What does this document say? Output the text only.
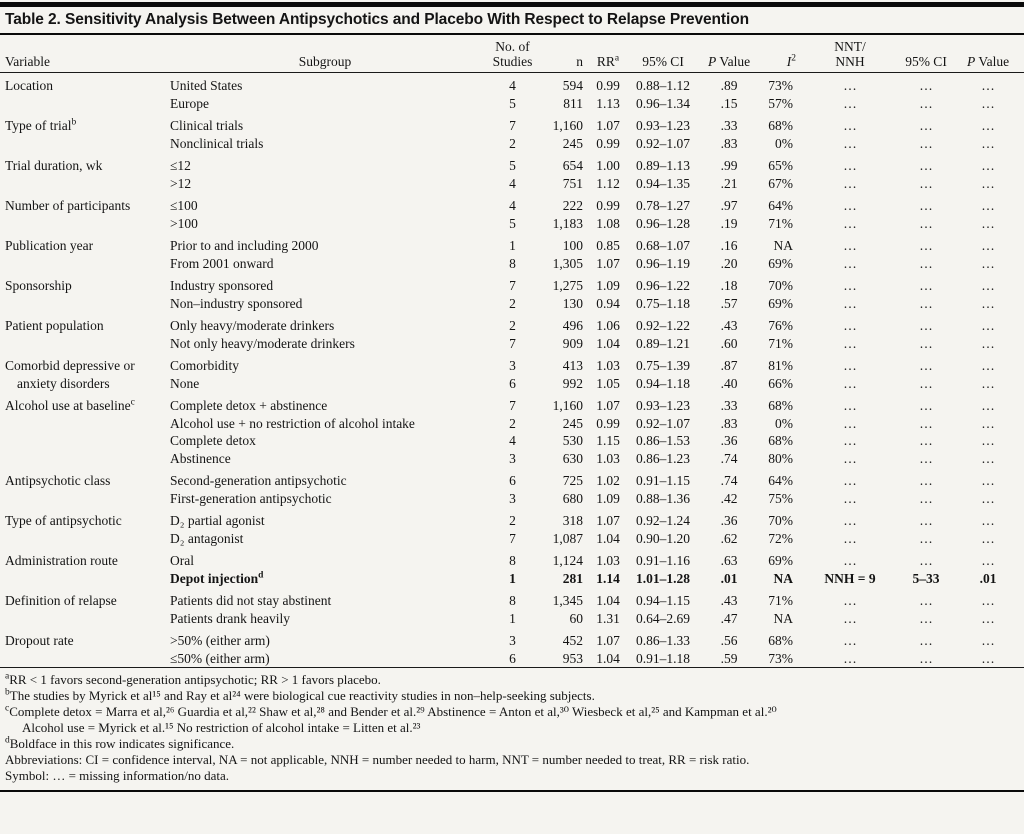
Table 2. Sensitivity Analysis Between Antipsychotics and Placebo With Respect to Relapse Prevention
Variable	Subgroup	
No. of
Studies	n	$RR^a$	95% CI	P Value	$I^2$	
NNT/
NNH	95% CI	P Value
Location	United States	4	594	0.99	0.88–1.12	.89	73%	…	…	…
	Europe	5	811	1.13	0.96–1.34	.15	57%	…	…	…
Type of trial$^b$	Clinical trials	7	1,160	1.07	0.93–1.23	.33	68%	…	…	…
	Nonclinical trials	2	245	0.99	0.92–1.07	.83	0%	…	…	…
Trial duration, wk	≤12	5	654	1.00	0.89–1.13	.99	65%	…	…	…
	>12	4	751	1.12	0.94–1.35	.21	67%	…	…	…
Number of participants	≤100	4	222	0.99	0.78–1.27	.97	64%	…	…	…
	>100	5	1,183	1.08	0.96–1.28	.19	71%	…	…	…
Publication year	Prior to and including 2000	1	100	0.85	0.68–1.07	.16	NA	…	…	…
	From 2001 onward	8	1,305	1.07	0.96–1.19	.20	69%	…	…	…
Sponsorship	Industry sponsored	7	1,275	1.09	0.96–1.22	.18	70%	…	…	…
	Non–industry sponsored	2	130	0.94	0.75–1.18	.57	69%	…	…	…
Patient population	Only heavy/moderate drinkers	2	496	1.06	0.92–1.22	.43	76%	…	…	…
	Not only heavy/moderate drinkers	7	909	1.04	0.89–1.21	.60	71%	…	…	…
Comorbid depressive or	Comorbidity	3	413	1.03	0.75–1.39	.87	81%	…	…	…
anxiety disorders	None	6	992	1.05	0.94–1.18	.40	66%	…	…	…
Alcohol use at baseline$^c$	Complete detox + abstinence	7	1,160	1.07	0.93–1.23	.33	68%	…	…	…
	Alcohol use + no restriction of alcohol intake	2	245	0.99	0.92–1.07	.83	0%	…	…	…
	Complete detox	4	530	1.15	0.86–1.53	.36	68%	…	…	…
	Abstinence	3	630	1.03	0.86–1.23	.74	80%	…	…	…
Antipsychotic class	Second-generation antipsychotic	6	725	1.02	0.91–1.15	.74	64%	…	…	…
	First-generation antipsychotic	3	680	1.09	0.88–1.36	.42	75%	…	…	…
Type of antipsychotic	D₂ partial agonist	2	318	1.07	0.92–1.24	.36	70%	…	…	…
	D₂ antagonist	7	1,087	1.04	0.90–1.20	.62	72%	…	…	…
Administration route	Oral	8	1,124	1.03	0.91–1.16	.63	69%	…	…	…
	Depot injection$^d$	1	281	1.14	1.01–1.28	.01	NA	NNH = 9	5–33	.01
Definition of relapse	Patients did not stay abstinent	8	1,345	1.04	0.94–1.15	.43	71%	…	…	…
	Patients drank heavily	1	60	1.31	0.64–2.69	.47	NA	…	…	…
Dropout rate	>50% (either arm)	3	452	1.07	0.86–1.33	.56	68%	…	…	…
	≤50% (either arm)	6	953	1.04	0.91–1.18	.59	73%	…	…	…
$^a$RR < 1 favors second-generation antipsychotic; RR > 1 favors placebo.
$^b$The studies by Myrick et al¹⁵ and Ray et al²⁴ were biological cue reactivity studies in non–help-seeking subjects.
$^c$Complete detox = Marra et al,²⁶ Guardia et al,²² Shaw et al,²⁸ and Bender et al.²⁹ Abstinence = Anton et al,³⁰ Wiesbeck et al,²⁵ and Kampman et al.²⁰
Alcohol use = Myrick et al.¹⁵ No restriction of alcohol intake = Litten et al.²³
$^d$Boldface in this row indicates significance.
Abbreviations: CI = confidence interval, NA = not applicable, NNH = number needed to harm, NNT = number needed to treat, RR = risk ratio.
Symbol: … = missing information/no data.
